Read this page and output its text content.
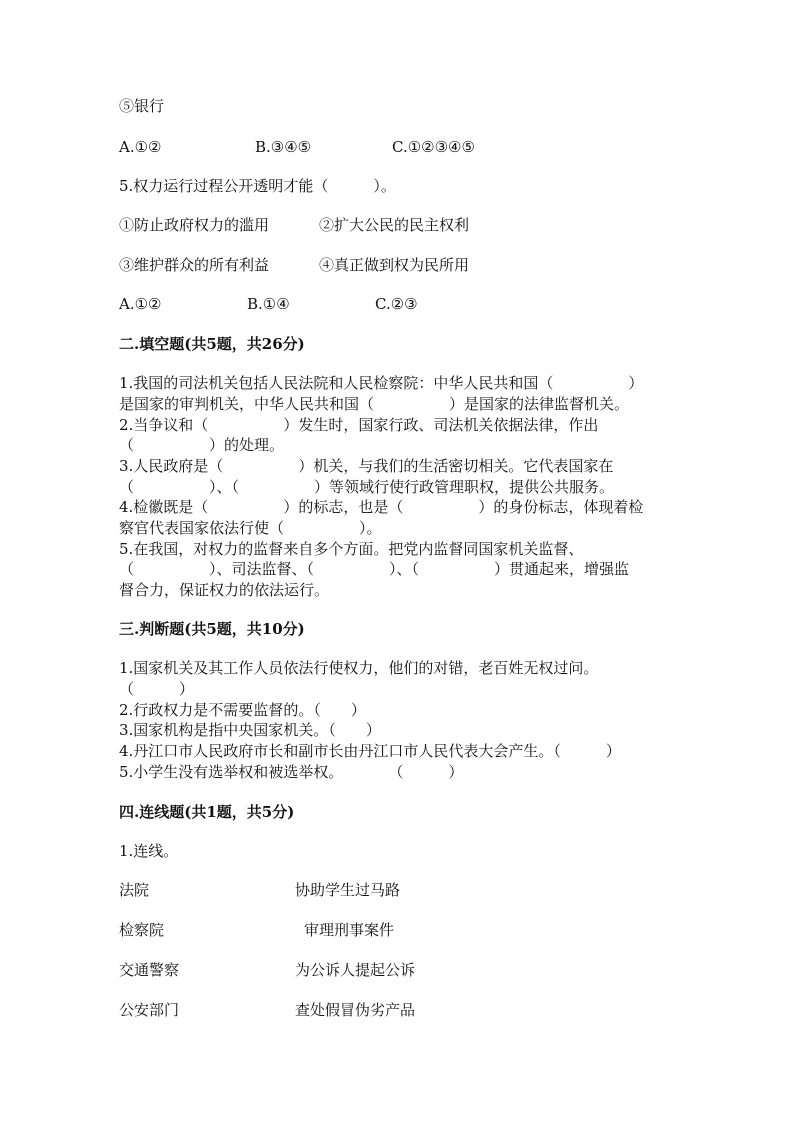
⑤银行
A.①②	B.③④⑤	C.①②③④⑤
5.权力运行过程公开透明才能（　　　）。
①防止政府权力的滥用	②扩大公民的民主权利
③维护群众的所有利益	④真正做到权为民所用
A.①②	B.①④	C.②③
二.填空题(共5题，共26分)
1.我国的司法机关包括人民法院和人民检察院：中华人民共和国（　　　　　）
是国家的审判机关，中华人民共和国（　　　　　）是国家的法律监督机关。
2.当争议和（　　　　　）发生时，国家行政、司法机关依据法律，作出
（　　　　　）的处理。
3.人民政府是（　　　　　）机关，与我们的生活密切相关。它代表国家在
（　　　　　）、（　　　　　）等领域行使行政管理职权，提供公共服务。
4.检徽既是（　　　　　）的标志，也是（　　　　　）的身份标志，体现着检
察官代表国家依法行使（　　　　　）。
5.在我国，对权力的监督来自多个方面。把党内监督同国家机关监督、
（　　　　　）、司法监督、（　　　　　）、（　　　　　）贯通起来，增强监
督合力，保证权力的依法运行。
三.判断题(共5题，共10分)
1.国家机关及其工作人员依法行使权力，他们的对错，老百姓无权过问。
（　　　）
2.行政权力是不需要监督的。（　　）
3.国家机构是指中央国家机关。（　　）
4.丹江口市人民政府市长和副市长由丹江口市人民代表大会产生。（　　　）
5.小学生没有选举权和被选举权。　　　　（　　　）
四.连线题(共1题，共5分)
1.连线。
法院	协助学生过马路
检察院	审理刑事案件
交通警察	为公诉人提起公诉
公安部门	查处假冒伪劣产品
